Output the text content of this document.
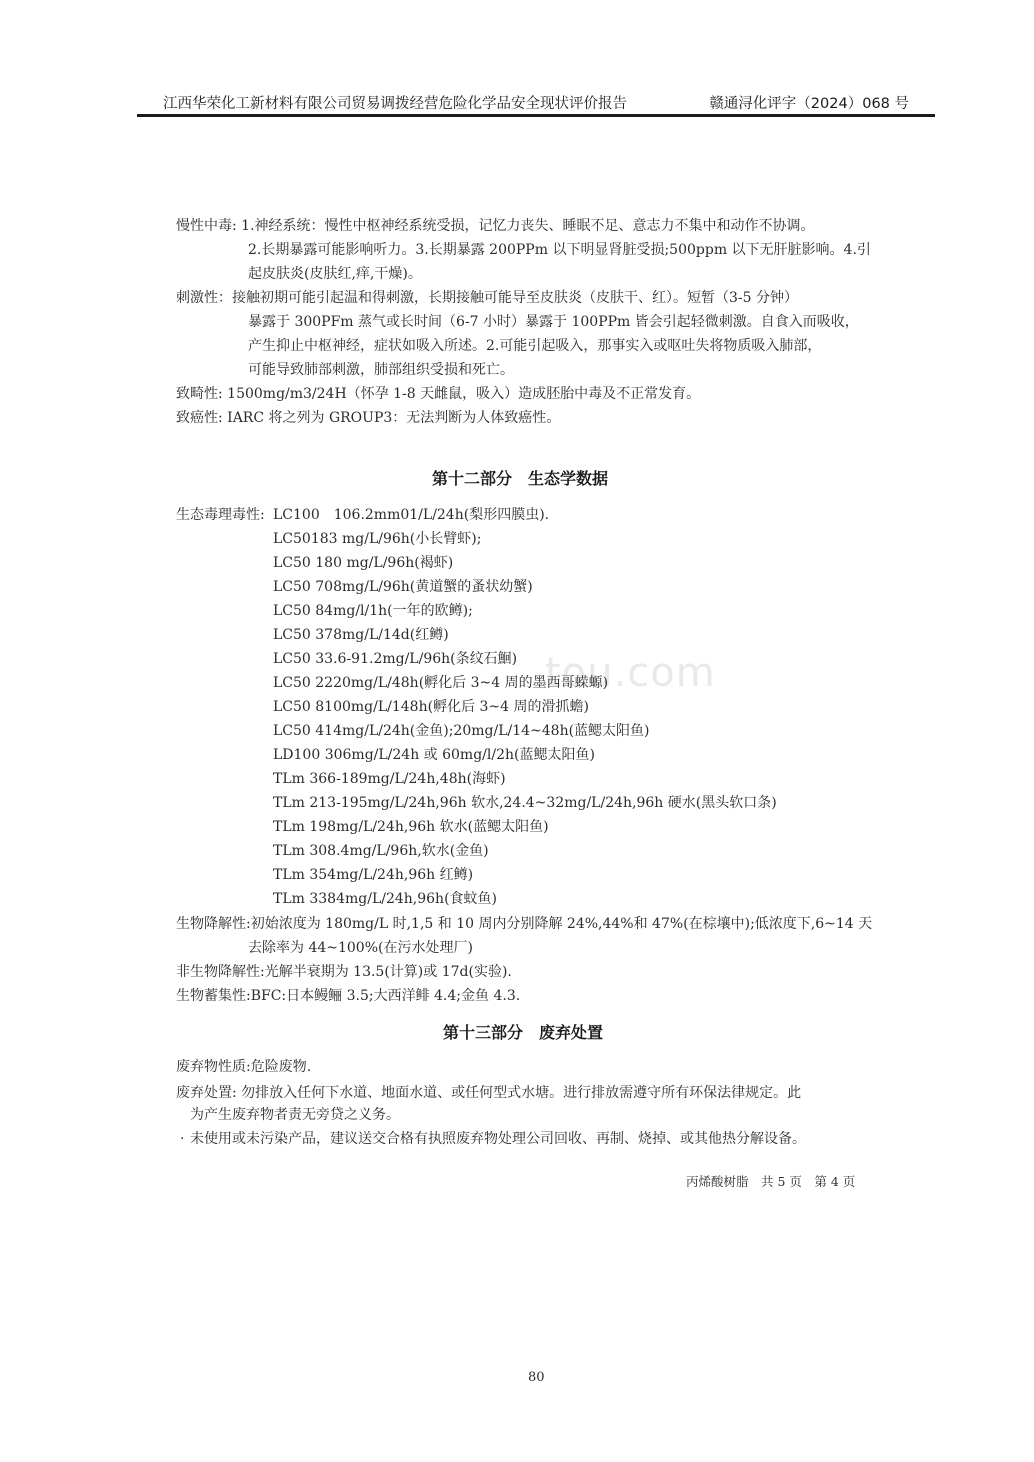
江西华荣化工新材料有限公司贸易调拨经营危险化学品安全现状评价报告	赣通浔化评字（2024）068 号
tou.com
慢性中毒: 1.神经系统：慢性中枢神经系统受损，记忆力丧失、睡眠不足、意志力不集中和动作不协调。
2.长期暴露可能影响听力。3.长期暴露 200PPm 以下明显肾脏受损;500ppm 以下无肝脏影响。4.引
起皮肤炎(皮肤红,痒,干燥)。
刺激性：接触初期可能引起温和得刺激，长期接触可能导至皮肤炎（皮肤干、红）。短暂（3-5 分钟）
暴露于 300PFm 蒸气或长时间（6-7 小时）暴露于 100PPm 皆会引起轻微刺激。自食入而吸收，
产生抑止中枢神经，症状如吸入所述。2.可能引起吸入，那事实入或呕吐失将物质吸入肺部，
可能导致肺部刺激，肺部组织受损和死亡。
致畸性: 1500mg/m3/24H（怀孕 1-8 天雌鼠，吸入）造成胚胎中毒及不正常发育。
致癌性: IARC 将之列为 GROUP3：无法判断为人体致癌性。
第十二部分　生态学数据
生态毒理毒性: LC100　106.2mm01/L/24h(梨形四膜虫).
LC50183 mg/L/96h(小长臂虾);
LC50 180 mg/L/96h(褐虾)
LC50 708mg/L/96h(黄道蟹的蚤状幼蟹)
LC50 84mg/l/1h(一年的欧鳟);
LC50 378mg/L/14d(红鳟)
LC50 33.6-91.2mg/L/96h(条纹石鮰)
LC50 2220mg/L/48h(孵化后 3~4 周的墨西哥蝾螈)
LC50 8100mg/L/148h(孵化后 3~4 周的滑抓蟾)
LC50 414mg/L/24h(金鱼);20mg/L/14~48h(蓝鳃太阳鱼)
LD100 306mg/L/24h 或 60mg/l/2h(蓝鳃太阳鱼)
TLm 366-189mg/L/24h,48h(海虾)
TLm 213-195mg/L/24h,96h 软水,24.4~32mg/L/24h,96h 硬水(黑头软口条)
TLm 198mg/L/24h,96h 软水(蓝鳃太阳鱼)
TLm 308.4mg/L/96h,软水(金鱼)
TLm 354mg/L/24h,96h 红鳟)
TLm 3384mg/L/24h,96h(食蚊鱼)
生物降解性:初始浓度为 180mg/L 时,1,5 和 10 周内分别降解 24%,44%和 47%(在棕壤中);低浓度下,6~14 天
去除率为 44~100%(在污水处理厂)
非生物降解性:光解半衰期为 13.5(计算)或 17d(实验).
生物蓄集性:BFC:日本鳗鲡 3.5;大西洋鲱 4.4;金鱼 4.3.
第十三部分　废弃处置
废弃物性质:危险废物.
废弃处置: 勿排放入任何下水道、地面水道、或任何型式水塘。进行排放需遵守所有环保法律规定。此
为产生废弃物者责无旁贷之义务。
· 未使用或未污染产品，建议送交合格有执照废弃物处理公司回收、再制、烧掉、或其他热分解设备。
丙烯酸树脂　共 5 页　第 4 页
80
